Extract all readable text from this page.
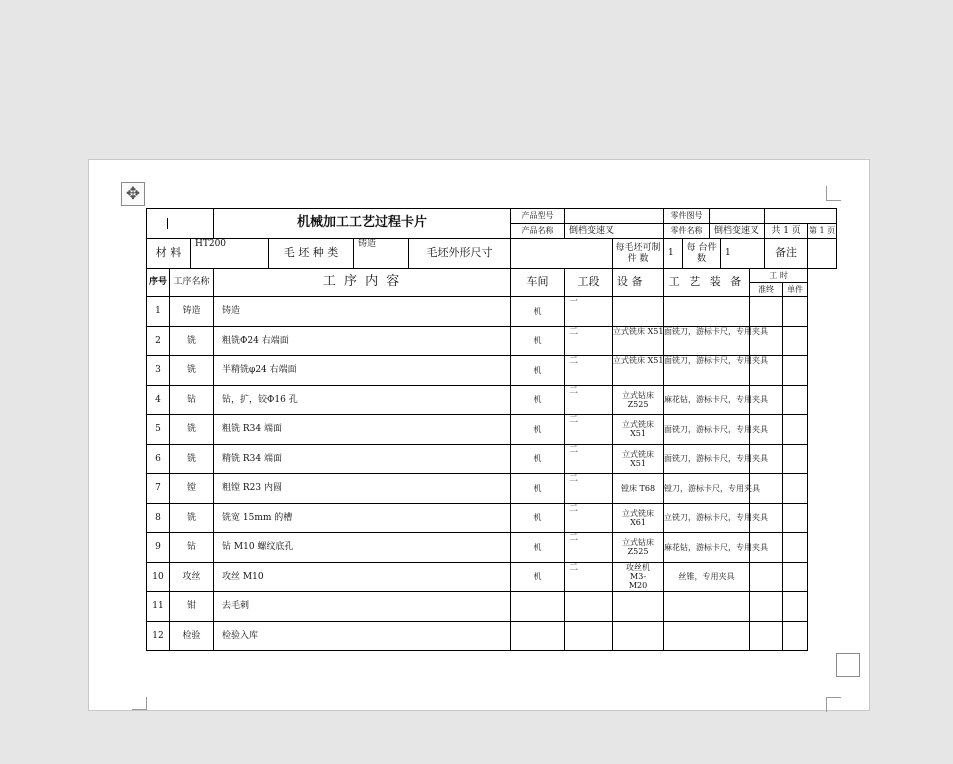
✥
			机械加工工艺过程卡片				产品型号			零件图号							
							产品名称	倒档变速叉		零件名称		倒档变速叉			共 1 页		第 1 页
材 料		HT200		毛 坯 种 类	铸造	毛坯外形尺寸			每毛坯可制件 数	1	每 台件 数		1		备注		
序号	工序名称		工 序 内 容				车间	工段	设 备	工 艺 装 备				工 时			
														准终		单件	
1	铸造		铸造				机	一									
2	铣		粗铣Φ24 右端面				机	二	立式铣床 X51	面铣刀，游标卡尺，专用夹具							
3	铣		半精铣φ24 右端面				机	二	立式铣床 X51	面铣刀，游标卡尺，专用夹具							
4	钻		钻，扩，铰Φ16 孔				机	二	立式钻床 Z525	麻花钻，游标卡尺，专用夹具							
5	铣		粗铣 R34 端面				机	二	立式铣床 X51	面铣刀，游标卡尺，专用夹具							
6	铣		精铣 R34 端面				机	二	立式铣床 X51	面铣刀，游标卡尺，专用夹具							
7	镗		粗镗 R23 内圆				机	二	镗床 T68	镗刀，游标卡尺，专用夹具							
8	铣		铣宽 15mm 的槽				机	二	立式铣床 X61	立铣刀，游标卡尺，专用夹具							
9	钻		钻 M10 螺纹底孔				机	二	立式钻床 Z525	麻花钻，游标卡尺，专用夹具							
10	攻丝		攻丝 M10				机	二	攻丝机 M3-M20	丝锥，专用夹具							
11	钳		去毛刺														
12	检验		检验入库														
